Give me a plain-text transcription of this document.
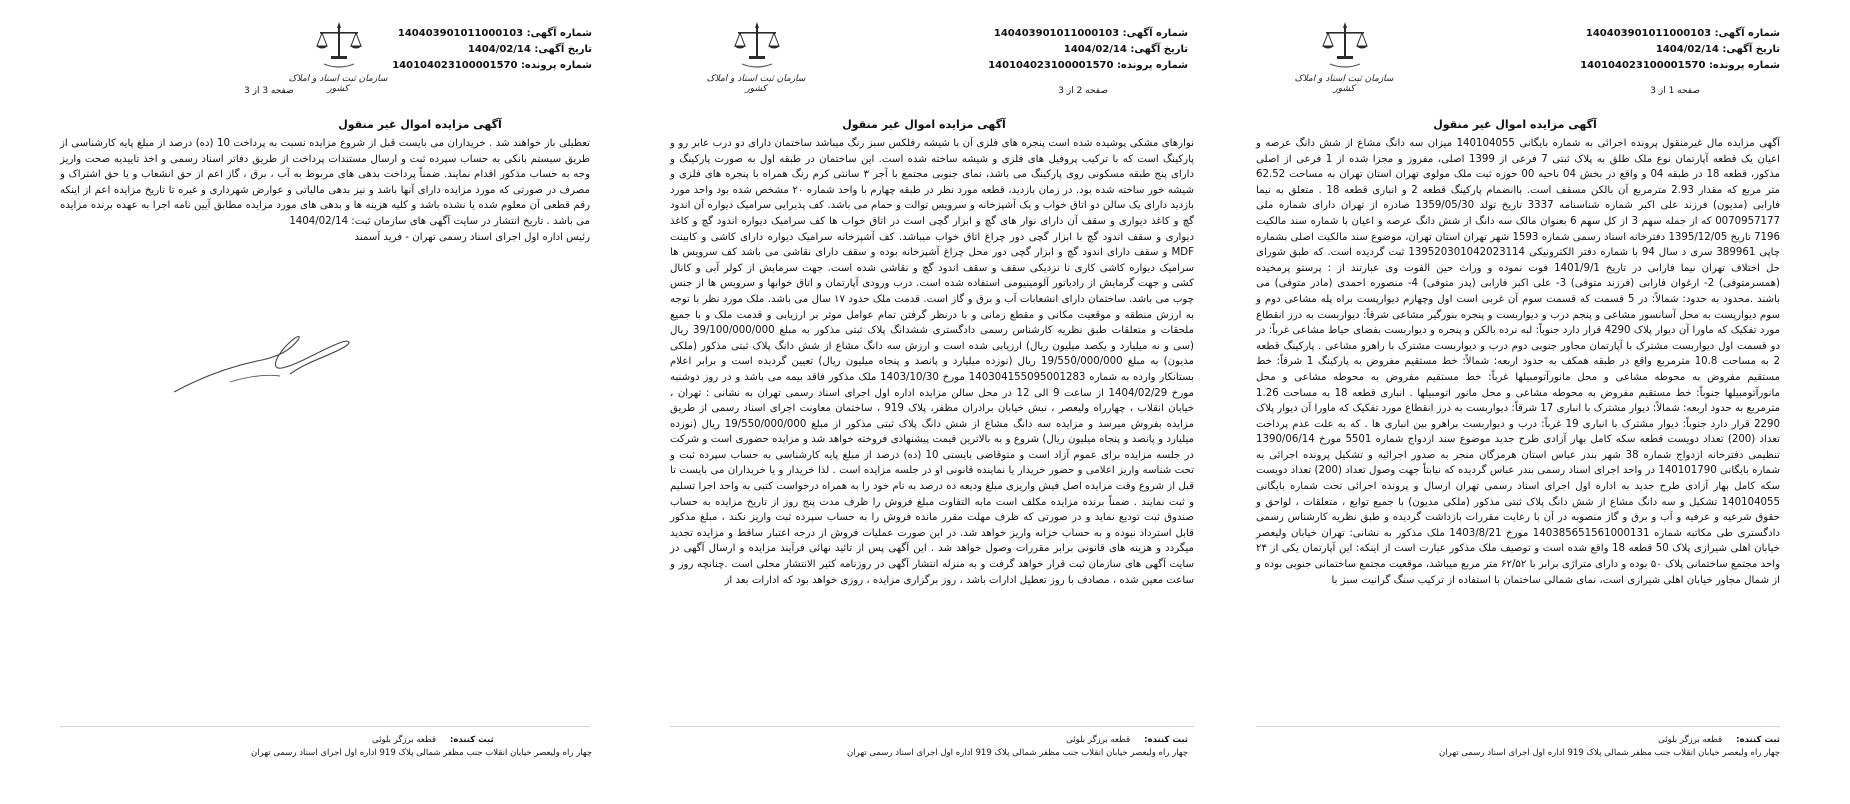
سازمان ثبت اسناد و املاک کشور
شماره آگهی: 140403901011000103
تاریخ آگهی: 1404/02/14
شماره پرونده: 140104023100001570
صفحه 1 از 3
آگهی مزایده اموال غیر منقول

آگهی مزایده مال غیرمنقول پرونده اجرائی به شماره بایگانی 140104055 میزان سه دانگ مشاع از شش دانگ عرصه و اعیان یک قطعه آپارتمان نوع ملک طلق به پلاک ثبتی 7 فرعی از 1399 اصلی، مفروز و مجزا شده از 1 فرعی از اصلی مذکور، قطعه 18 در طبقه 04 و واقع در بخش 04 ناحیه 00 حوزه ثبت ملک مولوی تهران استان تهران به مساحت 62.52 متر مربع که مقدار 2.93 مترمربع آن بالکن مسقف است. باانضمام پارکینگ قطعه 2 و انباری قطعه 18 . متعلق به نیما فارابی (مدیون) فرزند علی اکبر شماره شناسنامه 3337 تاریخ تولد 1359/05/30 صادره از تهران دارای شماره ملی 0070957177 که از جمله سهم 3 از کل سهم 6 بعنوان مالک سه دانگ از شش دانگ عرصه و اعیان با شماره سند مالکیت 7196 تاریخ 1395/12/05 دفترخانه اسناد رسمی شماره 1593 شهر تهران استان تهران، موضوع سند مالکیت اصلی بشماره چاپی 389961 سری د سال 94 با شماره دفتر الکترونیکی 139520301042023114 ثبت گردیده است. که طبق شورای حل اختلاف تهران نیما فارابی در تاریخ 1401/9/1 فوت نموده و وراث حین الفوت وی عبارتند از : پرستو پرمخیده (همسرمتوفی) 2- ارغوان فارابی (فرزند متوفی) 3- علی اکبر فارابی (پدر متوفی) 4- منصوره احمدی (مادر متوفی) می باشند .محدود به حدود: شمالاً: در 5 قسمت که قسمت سوم آن غربی است اول وچهارم دیوارپست براه پله مشاعی دوم و سوم دیوارپست به محل آسانسور مشاعی و پنجم درب و دیواربست و پنجره بنورگیر مشاعی شرقاً: دیواربست به درز انقطاع مورد تفکیک که ماورا آن دیوار پلاک 4290 قرار دارد جنوباً: لبه نرده بالکن و پنجره و دیواربست بفضای حیاط مشاعی غرباً: در دو قسمت اول دیواربست مشترک با آپارتمان مجاور جنوبی دوم درب و دیواربست مشترک با راهرو مشاعی . پارکینگ قطعه 2 به مساحت 10.8 مترمربع واقع در طبقه همکف به حدود اربعه: شمالاً: خط مستقیم مفروض به پارکینگ 1 شرقاً: خط مستقیم مفروض به محوطه مشاعی و محل مانورآتومبیلها غرباً: خط مستقیم مفروض به محوطه مشاعی و محل مانورآتومبیلها جنوباً: خط مستقیم مفروض به محوطه مشاعی و محل مانور اتومبیلها . انباری قطعه 18 به مساحت 1.26 مترمربع به حدود اربعه: شمالاً: دیوار مشترک با انباری 17 شرقاً: دیواربست به درز انقطاع مورد تفکیک که ماورا آن دیوار پلاک 2290 قرار دارد جنوباً: دیوار مشترک با انباری 19 غرباً: درب و دیواربست براهرو بین انباری ها . که به علت عدم پرداخت تعداد (200) تعداد دویست قطعه سکه کامل بهار آزادی طرح جدید موضوع سند ازدواج شماره 5501 مورخ 1390/06/14 تنظیمی دفترخانه ازدواج شماره 38 شهر بندر عباس استان هرمزگان منجر به صدور اجرائیه و تشکیل پرونده اجرائی به شماره بایگانی 140101790 در واحد اجرای اسناد رسمی بندر عباس گردیده که نیابتاً جهت وصول تعداد (200) تعداد دویست سکه کامل بهار آزادی طرح جدید به اداره اول اجرای اسناد رسمی تهران ارسال و پرونده اجرائی تحت شماره بایگانی 140104055 تشکیل و سه دانگ مشاع از شش دانگ پلاک ثبتی مذکور (ملکی مدیون) با جمیع توابع ، متعلقات ، لواحق و حقوق شرعیه و عرفیه و آب و برق و گاز منصوبه در آن با رعایت مقررات بازداشت گردیده و طبق نظریه کارشناس رسمی دادگستری طی مکاتبه شماره 140385651561000131 مورخ 1403/8/21 ملک مذکور به نشانی: تهران خیابان ولیعصر خیابان اهلی شیرازی پلاک 50 قطعه 18 واقع شده است و توصیف ملک مذکور عبارت است از اینکه: این آپارتمان یکی از ۲۴ واحد مجتمع ساختمانی پلاک ۵۰ بوده و دارای متراژی برابر با ۶۲/۵۲ متر مربع میباشد، موقعیت مجتمع ساختمانی جنوبی بوده و از شمال مجاور خیابان اهلی شیرازی است، نمای شمالی ساختمان با استفاده از ترکیب سنگ گرانیت سبز با

ثبت کننده:قطعه برزگر بلوئی
چهار راه ولیعصر خیابان انقلاب جنب مظفر شمالی پلاک 919 اداره اول اجرای اسناد رسمی تهران
سازمان ثبت اسناد و املاک کشور
شماره آگهی: 140403901011000103
تاریخ آگهی: 1404/02/14
شماره پرونده: 140104023100001570
صفحه 2 از 3
آگهی مزایده اموال غیر منقول

نوارهای مشکی پوشیده شده است پنجره های فلزی آن با شیشه رفلکس سبز رنگ میباشد ساختمان دارای دو درب عابر رو و پارکینگ است که با ترکیب پروفیل های فلزی و شیشه ساخته شده است. این ساختمان در طبقه اول به صورت پارکینگ و دارای پنج طبقه مسکونی روی پارکینگ می باشد، نمای جنوبی مجتمع با آجر ۳ سانتی کرم رنگ همراه با پنجره های فلزی و شیشه خور ساخته شده بود. در زمان بازدید، قطعه مورد نظر در طبقه چهارم با واحد شماره ۲۰ مشخص شده بود واحد مورد بازدید دارای یک سالن دو اتاق خواب و یک آشپزخانه و سرویس توالت و حمام می باشد. کف پذیرایی سرامیک دیواره آن اندود گچ و کاغذ دیواری و سقف آن دارای نوار های گچ و ابزار گچی است در اتاق خواب ها کف سرامیک دیواره اندود گچ و کاغذ دیواری و سقف اندود گچ با ابزار گچی دور چراغ اتاق خواب میباشد. کف آشپزخانه سرامیک دیواره دارای کاشی و کابینت MDF و سقف دارای اندود گچ و ابزار گچی دور محل چراغ آشپزخانه بوده و سقف دارای نقاشی می باشد کف سرویس ها سرامیک دیواره کاشی کاری تا نزدیکی سقف و سقف اندود گچ و نقاشی شده است. جهت سرمایش از کولر آبی و کانال کشی و جهت گرمایش از رادیاتور آلومینیومی استفاده شده است. درب ورودی آپارتمان و اتاق خوابها و سرویس ها از جنس چوب می باشد. ساختمان دارای انشعابات آب و برق و گاز است. قدمت ملک حدود ۱۷ سال می باشد. ملک مورد نظر با توجه به ارزش منطقه و موقعیت مکانی و مقطع زمانی و با درنظر گرفتن تمام عوامل موثر بر ارزیابی و قدمت ملک و با جمیع ملحقات و متعلقات طبق نظریه کارشناس رسمی دادگستری ششدانگ پلاک ثبتی مذکور به مبلغ 39/100/000/000 ریال (سی و نه میلیارد و یکصد میلیون ریال) ارزیابی شده است و ارزش سه دانگ مشاع از شش دانگ پلاک ثبتی مذکور (ملکی مدیون) به مبلغ 19/550/000/000 ریال (نوزده میلیارد و پانصد و پنجاه میلیون ریال) تعیین گردیده است و برابر اعلام بستانکار وارده به شماره 140304155095001283 مورخ 1403/10/30 ملک مذکور فاقد بیمه می باشد و در روز دوشنبه مورخ 1404/02/29 از ساعت 9 الی 12 در محل سالن مزایده اداره اول اجرای اسناد رسمی تهران به نشانی : تهران ، خیابان انقلاب ، چهارراه ولیعصر ، نبش خیابان برادران مظفر، پلاک 919 ، ساختمان معاونت اجرای اسناد رسمی از طریق مزایده بفروش میرسد و مزایده سه دانگ مشاع از شش دانگ پلاک ثبتی مذکور از مبلغ 19/550/000/000 ریال (نوزده میلیارد و پانصد و پنجاه میلیون ریال) شروع و به بالاترین قیمت پیشنهادی فروخته خواهد شد و مزایده حضوری است و شرکت در جلسه مزایده برای عموم آزاد است و متوقاضی بایستی 10 (ده) درصد از مبلغ پایه کارشناسی به حساب سپرده ثبت و تحت شناسه واریز اعلامی و حضور خریدار یا نماینده قانونی او در جلسه مزایده است . لذا خریدار و یا خریداران می بایست تا قبل از شروع وقت مزایده اصل فیش واریزی مبلغ ودیعه ده درصد به نام خود را به همراه درخواست کتبی به واحد اجرا تسلیم و ثبت نمایند . ضمناً برنده مزایده مکلف است مابه التفاوت مبلغ فروش را ظرف مدت پنج روز از تاریخ مزایده به حساب صندوق ثبت تودیع نماید و در صورتی که ظرف مهلت مقرر مانده فروش را به حساب سپرده ثبت واریز نکند ، مبلغ مذکور قابل استرداد نبوده و به حساب خزانه واریز خواهد شد. در این صورت عملیات فروش از درجه اعتبار ساقط و مزایده تجدید میگردد و هزینه های قانونی برابر مقررات وصول خواهد شد . این آگهی پس از تائید نهائی فرآیند مزایده و ارسال آگهی در سایت آگهی های سازمان ثبت قرار خواهد گرفت و به منزله انتشار آگهی در روزنامه کثیر الانتشار محلی است .چنانچه روز و ساعت معین شده ، مصادف با روز تعطیل ادارات باشد ، روز برگزاری مزایده ، روزی خواهد بود که ادارات بعد از

ثبت کننده:قطعه برزگر بلوئی
چهار راه ولیعصر خیابان انقلاب جنب مظفر شمالی پلاک 919 اداره اول اجرای اسناد رسمی تهران
سازمان ثبت اسناد و املاک کشور
شماره آگهی: 140403901011000103
تاریخ آگهی: 1404/02/14
شماره پرونده: 140104023100001570
صفحه 3 از 3
آگهی مزایده اموال غیر منقول

تعطیلی باز خواهند شد . خریداران می بایست قبل از شروع مزایده نسبت به پرداخت 10 (ده) درصد از مبلغ پایه کارشناسی از طریق سیستم بانکی به حساب سپرده ثبت و ارسال مستندات پرداخت از طریق دفاتر اسناد رسمی و اخذ تاییدیه صحت واریز وجه به حساب مذکور اقدام نمایند. ضمناً پرداخت بدهی های مربوط به آب ، برق ، گاز اعم از حق انشعاب و یا حق اشتراک و مصرف در صورتی که مورد مزایده دارای آنها باشد و نیز بدهی مالیاتی و عوارض شهرداری و غیره تا تاریخ مزایده اعم از اینکه رقم قطعی آن معلوم شده یا نشده باشد و کلیه هزینه ها و بدهی های مورد مزایده مطابق آیین نامه اجرا به عهده برنده مزایده می باشد . تاریخ انتشار در سایت آگهی های سازمان ثبت: 1404/02/14
رئیس اداره اول اجرای اسناد رسمی تهران - فرید آسمند

ثبت کننده:قطعه برزگر بلوئی
چهار راه ولیعصر خیابان انقلاب جنب مظفر شمالی پلاک 919 اداره اول اجرای اسناد رسمی تهران
